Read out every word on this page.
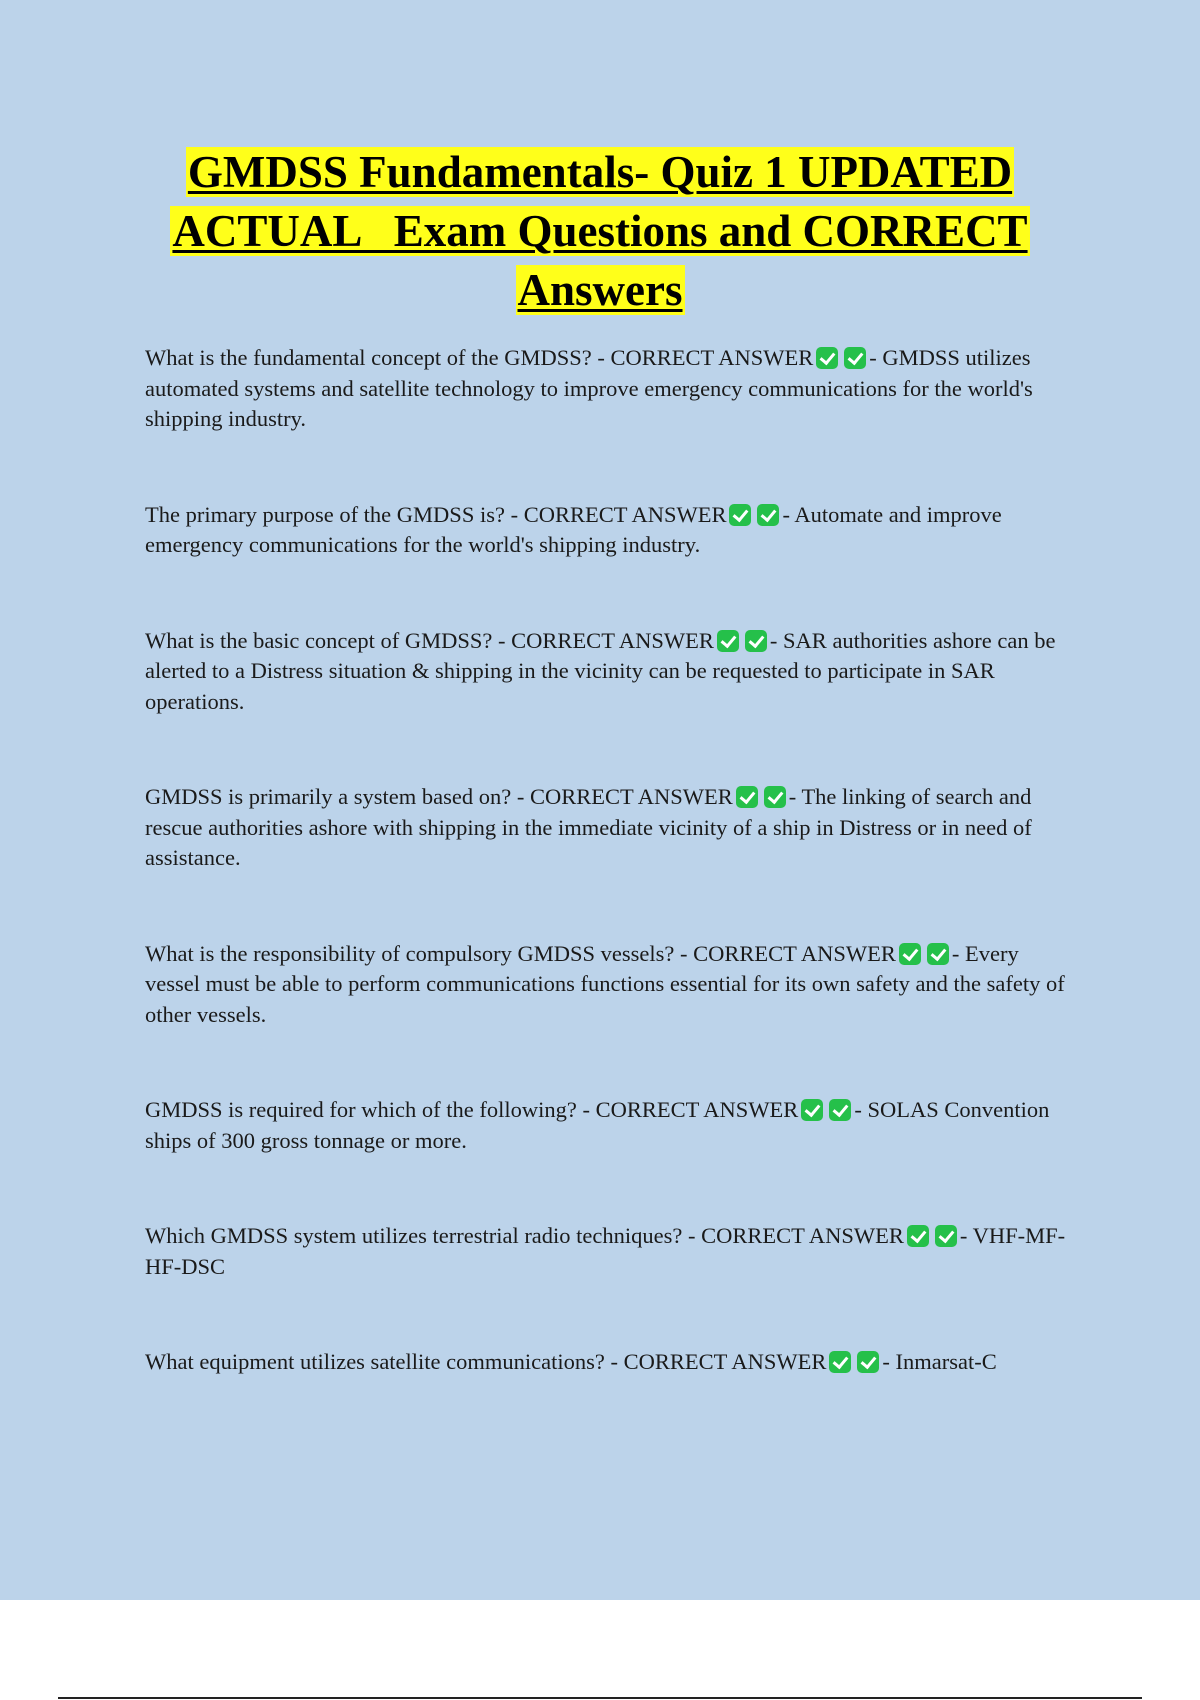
GMDSS Fundamentals- Quiz 1 UPDATED
ACTUAL   Exam Questions and CORRECT
Answers

What is the fundamental concept of the GMDSS? - CORRECT ANSWER - GMDSS utilizes automated systems and satellite technology to improve emergency communications for the world's shipping industry.

The primary purpose of the GMDSS is? - CORRECT ANSWER - Automate and improve emergency communications for the world's shipping industry.

What is the basic concept of GMDSS? - CORRECT ANSWER - SAR authorities ashore can be alerted to a Distress situation & shipping in the vicinity can be requested to participate in SAR operations.

GMDSS is primarily a system based on? - CORRECT ANSWER - The linking of search and rescue authorities ashore with shipping in the immediate vicinity of a ship in Distress or in need of assistance.

What is the responsibility of compulsory GMDSS vessels? - CORRECT ANSWER - Every vessel must be able to perform communications functions essential for its own safety and the safety of other vessels.

GMDSS is required for which of the following? - CORRECT ANSWER - SOLAS Convention ships of 300 gross tonnage or more.

Which GMDSS system utilizes terrestrial radio techniques? - CORRECT ANSWER - VHF-MF-HF-DSC

What equipment utilizes satellite communications? - CORRECT ANSWER - Inmarsat-C
